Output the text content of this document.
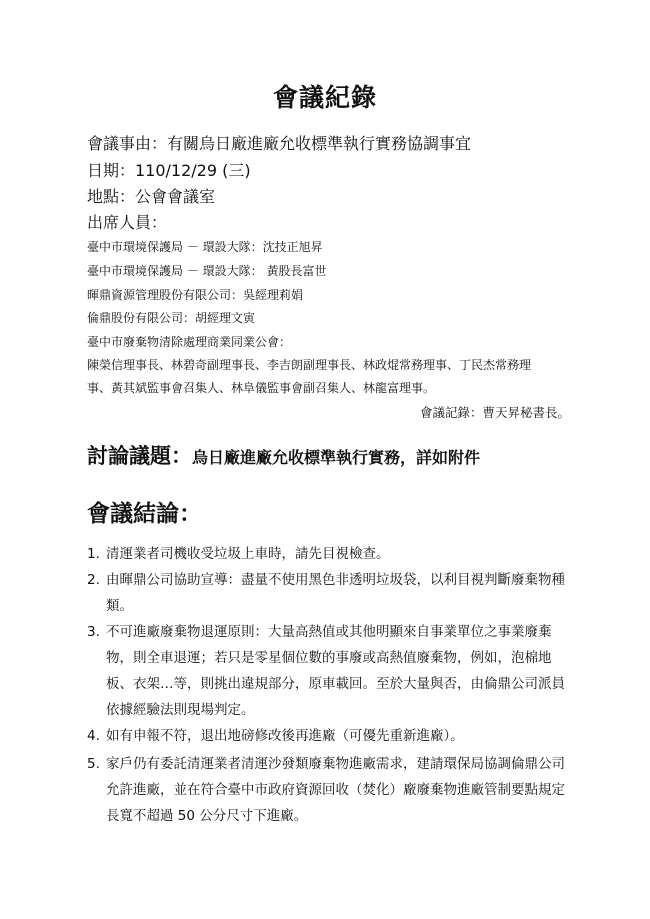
會議紀錄
會議事由：有關烏日廠進廠允收標準執行實務協調事宜
日期：110/12/29 (三)
地點：公會會議室
出席人員：
臺中市環境保護局 － 環設大隊：沈技正旭昇
臺中市環境保護局 － 環設大隊： 黃股長富世
暉鼎資源管理股份有限公司：吳經理莉娟
倫鼎股份有限公司：胡經理文寅
臺中市廢棄物清除處理商業同業公會：
陳榮信理事長、林碧奇副理事長、李吉朗副理事長、林政焜常務理事、丁民杰常務理
事、黃其斌監事會召集人、林阜儀監事會副召集人、林龍富理事。
會議記錄：曹天昇秘書長。
討論議題：烏日廠進廠允收標準執行實務，詳如附件
會議結論：
1. 清運業者司機收受垃圾上車時，請先目視檢查。
2. 由暉鼎公司協助宣導：盡量不使用黑色非透明垃圾袋，以利目視判斷廢棄物種類。
3. 不可進廠廢棄物退運原則：大量高熱值或其他明顯來自事業單位之事業廢棄物，則全車退運；若只是零星個位數的事廢或高熱值廢棄物，例如，泡棉地板、衣架…等，則挑出違規部分，原車載回。至於大量與否，由倫鼎公司派員依據經驗法則現場判定。
4. 如有申報不符，退出地磅修改後再進廠（可優先重新進廠）。
5. 家戶仍有委託清運業者清運沙發類廢棄物進廠需求，建請環保局協調倫鼎公司允許進廠，並在符合臺中市政府資源回收（焚化）廠廢棄物進廠管制要點規定長寬不超過 50 公分尺寸下進廠。
